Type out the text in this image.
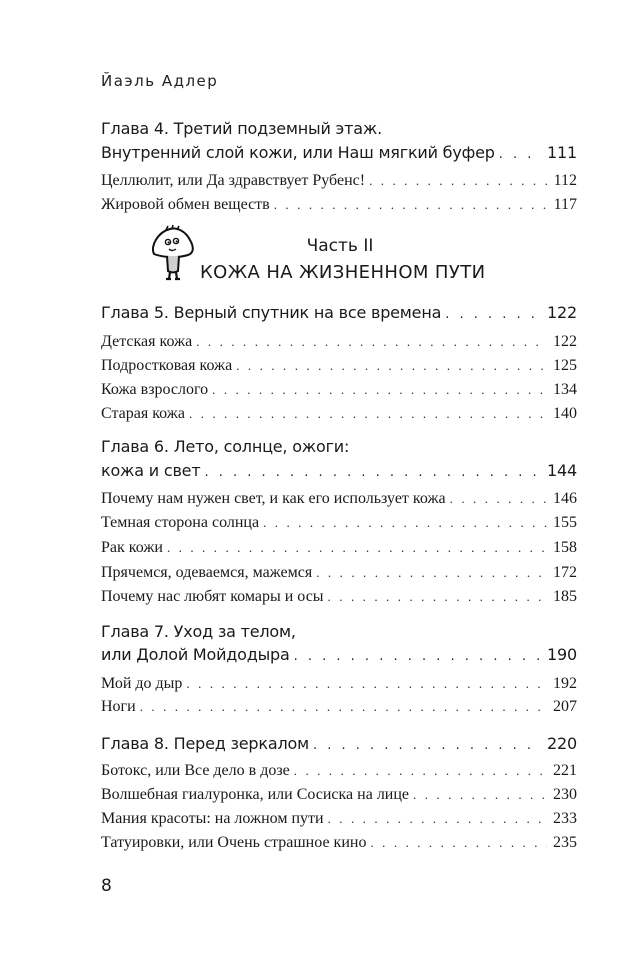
Йаэль Адлер
Глава 4. Третий подземный этаж.
Внутренний слой кожи, или Наш мягкий буфер . . .	111
Целлюлит, или Да здравствует Рубенс! . . .	112
Жировой обмен веществ . . .	117
Глава 5. Верный спутник на все времена . . .	122
Детская кожа . . .	122
Подростковая кожа . . .	125
Кожа взрослого . . .	134
Старая кожа . . .	140
Глава 6. Лето, солнце, ожоги:
кожа и свет . . .	144
Почему нам нужен свет, и как его использует кожа . . .	146
Темная сторона солнца . . .	155
Рак кожи . . .	158
Прячемся, одеваемся, мажемся . . .	172
Почему нас любят комары и осы . . .	185
Глава 7. Уход за телом,
или Долой Мойдодыра . . .	190
Мой до дыр . . .	192
Ноги . . .	207
Глава 8. Перед зеркалом . . .	220
Ботокс, или Все дело в дозе . . .	221
Волшебная гиалуронка, или Сосиска на лице . . .	230
Мания красоты: на ложном пути . . .	233
Татуировки, или Очень страшное кино . . .	235
Часть II
КОЖА НА ЖИЗНЕННОМ ПУТИ
8
